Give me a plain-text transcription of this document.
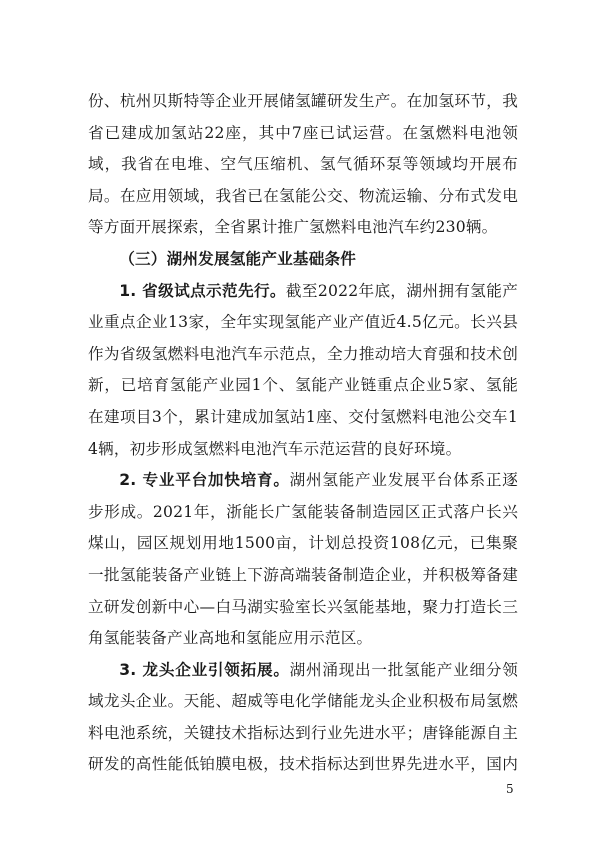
份、杭州贝斯特等企业开展储氢罐研发生产。在加氢环节，我省已建成加氢站22座，其中7座已试运营。在氢燃料电池领域，我省在电堆、空气压缩机、氢气循环泵等领域均开展布局。在应用领域，我省已在氢能公交、物流运输、分布式发电等方面开展探索，全省累计推广氢燃料电池汽车约230辆。

（三）湖州发展氢能产业基础条件

1. 省级试点示范先行。截至2022年底，湖州拥有氢能产业重点企业13家，全年实现氢能产业产值近4.5亿元。长兴县作为省级氢燃料电池汽车示范点，全力推动培大育强和技术创新，已培育氢能产业园1个、氢能产业链重点企业5家、氢能在建项目3个，累计建成加氢站1座、交付氢燃料电池公交车14辆，初步形成氢燃料电池汽车示范运营的良好环境。

2. 专业平台加快培育。湖州氢能产业发展平台体系正逐步形成。2021年，浙能长广氢能装备制造园区正式落户长兴煤山，园区规划用地1500亩，计划总投资108亿元，已集聚一批氢能装备产业链上下游高端装备制造企业，并积极筹备建立研发创新中心—白马湖实验室长兴氢能基地，聚力打造长三角氢能装备产业高地和氢能应用示范区。

3. 龙头企业引领拓展。湖州涌现出一批氢能产业细分领域龙头企业。天能、超威等电化学储能龙头企业积极布局氢燃料电池系统，关键技术指标达到行业先进水平；唐锋能源自主研发的高性能低铂膜电极，技术指标达到世界先进水平，国内

5
